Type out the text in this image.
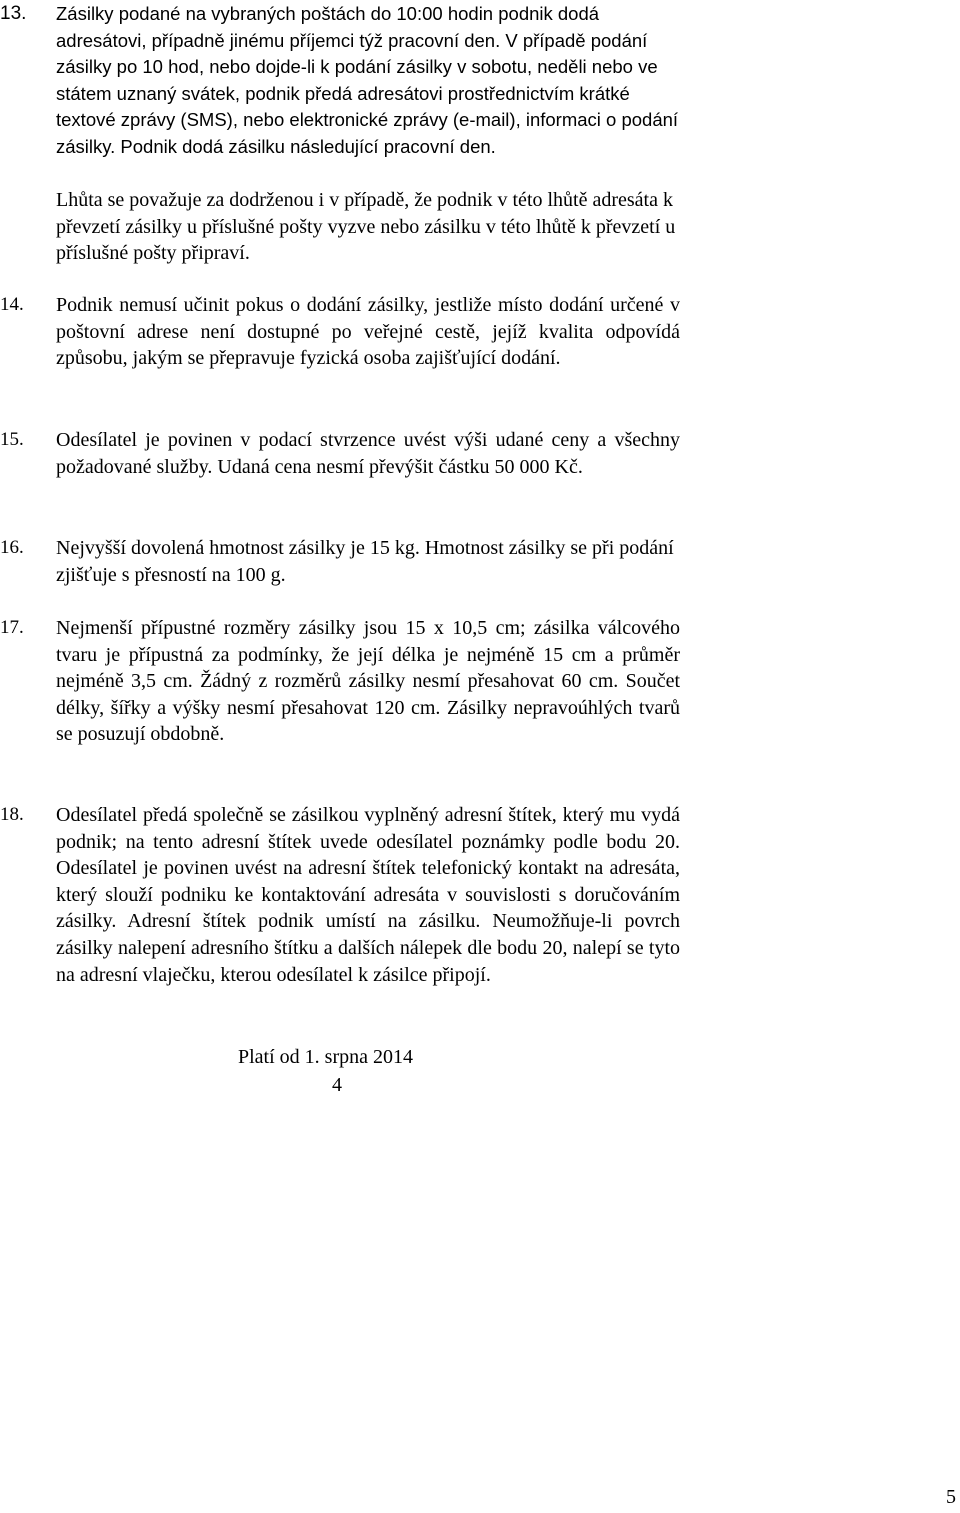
13. Zásilky podané na vybraných poštách do 10:00 hodin podnik dodá adresátovi, případně jinému příjemci týž pracovní den. V případě podání zásilky po 10 hod, nebo dojde-li k podání zásilky v sobotu, neděli nebo ve státem uznaný svátek, podnik předá adresátovi prostřednictvím krátké textové zprávy (SMS), nebo elektronické zprávy (e-mail), informaci o podání zásilky. Podnik dodá zásilku následující pracovní den.

Lhůta se považuje za dodrženou i v případě, že podnik v této lhůtě adresáta k převzetí zásilky u příslušné pošty vyzve nebo zásilku v této lhůtě k převzetí u příslušné pošty připraví.

14. Podnik nemusí učinit pokus o dodání zásilky, jestliže místo dodání určené v poštovní adrese není dostupné po veřejné cestě, jejíž kvalita odpovídá způsobu, jakým se přepravuje fyzická osoba zajišťující dodání.

15. Odesílatel je povinen v podací stvrzence uvést výši udané ceny a všechny požadované služby. Udaná cena nesmí převýšit částku 50 000 Kč.

16. Nejvyšší dovolená hmotnost zásilky je 15 kg. Hmotnost zásilky se při podání zjišťuje s přesností na 100 g.

17. Nejmenší přípustné rozměry zásilky jsou 15 x 10,5 cm; zásilka válcového tvaru je přípustná za podmínky, že její délka je nejméně 15 cm a průměr nejméně 3,5 cm. Žádný z rozměrů zásilky nesmí přesahovat 60 cm. Součet délky, šířky a výšky nesmí přesahovat 120 cm. Zásilky nepravoúhlých tvarů se posuzují obdobně.

18. Odesílatel předá společně se zásilkou vyplněný adresní štítek, který mu vydá podnik; na tento adresní štítek uvede odesílatel poznámky podle bodu 20. Odesílatel je povinen uvést na adresní štítek telefonický kontakt na adresáta, který slouží podniku ke kontaktování adresáta v souvislosti s doručováním zásilky. Adresní štítek podnik umístí na zásilku. Neumožňuje-li povrch zásilky nalepení adresního štítku a dalších nálepek dle bodu 20, nalepí se tyto na adresní vlaječku, kterou odesílatel k zásilce připojí.

Platí od 1. srpna 2014
4
5
